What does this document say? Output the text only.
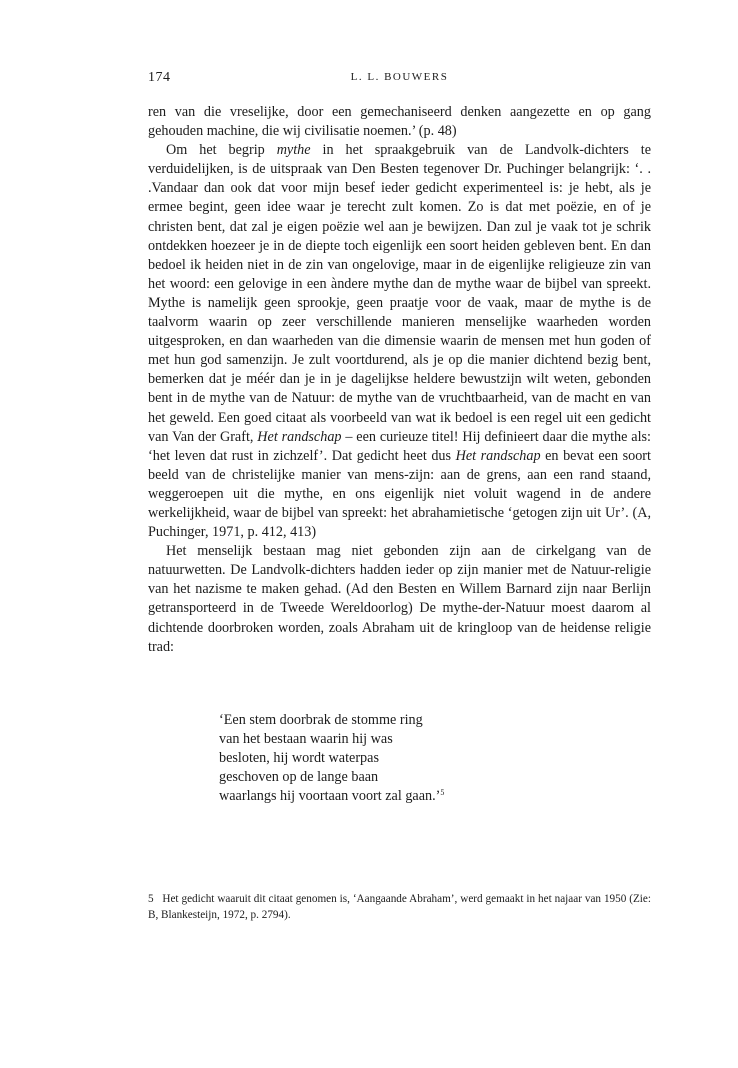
174	L. L. BOUWERS

ren van die vreselijke, door een gemechaniseerd denken aangezette en op gang gehouden machine, die wij civilisatie noemen.’ (p. 48)

Om het begrip mythe in het spraakgebruik van de Landvolk-dichters te verduidelijken, is de uitspraak van Den Besten tegenover Dr. Puchinger belangrijk: ‘. . .Vandaar dan ook dat voor mijn besef ieder gedicht experimenteel is: je hebt, als je ermee begint, geen idee waar je terecht zult komen. Zo is dat met poëzie, en of je christen bent, dat zal je eigen poëzie wel aan je bewijzen. Dan zul je vaak tot je schrik ontdekken hoezeer je in de diepte toch eigenlijk een soort heiden gebleven bent. En dan bedoel ik heiden niet in de zin van ongelovige, maar in de eigenlijke religieuze zin van het woord: een gelovige in een àndere mythe dan de mythe waar de bijbel van spreekt. Mythe is namelijk geen sprookje, geen praatje voor de vaak, maar de mythe is de taalvorm waarin op zeer verschillende manieren menselijke waarheden worden uitgesproken, en dan waarheden van die dimensie waarin de mensen met hun goden of met hun god samenzijn. Je zult voortdurend, als je op die manier dichtend bezig bent, bemerken dat je méér dan je in je dagelijkse heldere bewustzijn wilt weten, gebonden bent in de mythe van de Natuur: de mythe van de vruchtbaarheid, van de macht en van het geweld. Een goed citaat als voorbeeld van wat ik bedoel is een regel uit een gedicht van Van der Graft, Het randschap – een curieuze titel! Hij definieert daar die mythe als: ‘het leven dat rust in zichzelf’. Dat gedicht heet dus Het randschap en bevat een soort beeld van de christelijke manier van mens-zijn: aan de grens, aan een rand staand, weggeroepen uit die mythe, en ons eigenlijk niet voluit wagend in de andere werkelijkheid, waar de bijbel van spreekt: het abrahamietische ‘getogen zijn uit Ur’. (A, Puchinger, 1971, p. 412, 413)

Het menselijk bestaan mag niet gebonden zijn aan de cirkelgang van de natuurwetten. De Landvolk-dichters hadden ieder op zijn manier met de Natuur-religie van het nazisme te maken gehad. (Ad den Besten en Willem Barnard zijn naar Berlijn getransporteerd in de Tweede Wereldoorlog) De mythe-der-Natuur moest daarom al dichtende doorbroken worden, zoals Abraham uit de kringloop van de heidense religie trad:

‘Een stem doorbrak de stomme ring
van het bestaan waarin hij was
besloten, hij wordt waterpas
geschoven op de lange baan
waarlangs hij voortaan voort zal gaan.’$^5$
5 Het gedicht waaruit dit citaat genomen is, ‘Aangaande Abraham’, werd gemaakt in het najaar van 1950 (Zie: B, Blankesteijn, 1972, p. 2794).
